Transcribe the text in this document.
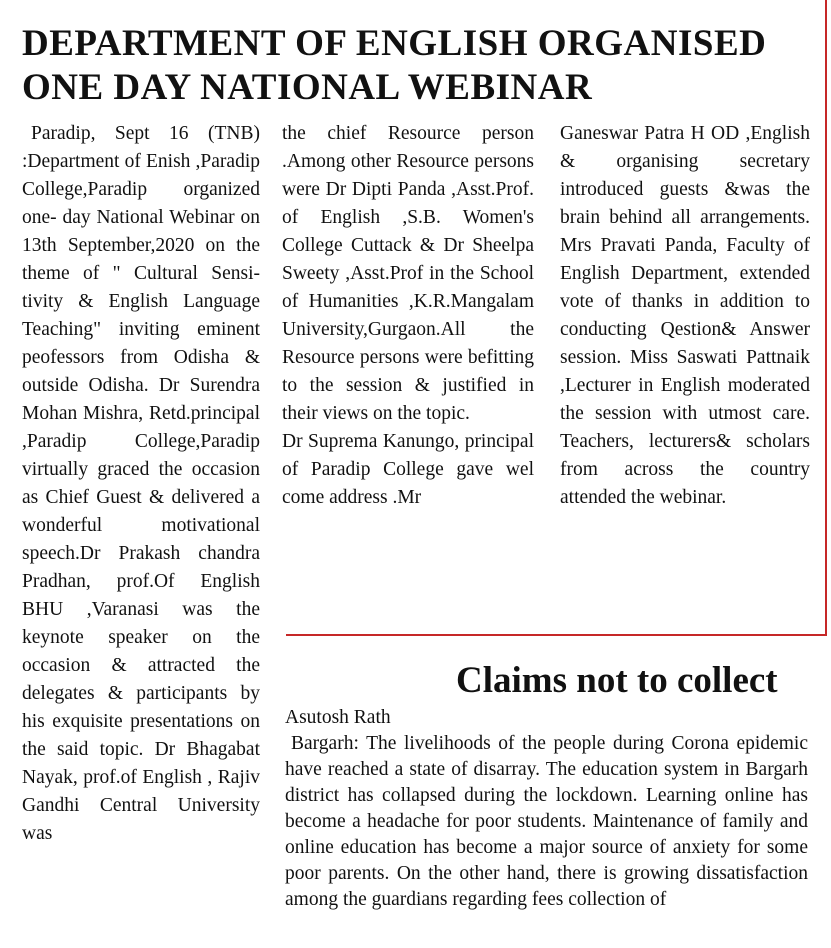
DEPARTMENT OF ENGLISH ORGANISED ONE DAY NATIONAL WEBINAR

Paradip, Sept 16 (TNB) :Department of Enish ,Paradip College,Paradip organized one- day National Webinar on 13th September,2020 on the theme of " Cultural Sensitivity & English Language Teaching" inviting eminent peofessors from Odisha & outside Odisha. Dr Surendra Mohan Mishra, Retd.principal ,Paradip College,Paradip virtually graced the occasion as Chief Guest & delivered a wonderful motivational speech.Dr Prakash chandra Pradhan, prof.Of English BHU ,Varanasi was the keynote speaker on the occasion & attracted the delegates & participants by his exquisite presentations on the said topic. Dr Bhagabat Nayak, prof.of English , Rajiv Gandhi Central University was

the chief Resource person .Among other Resource persons were Dr Dipti Panda ,Asst.Prof. of English ,S.B. Women's College Cuttack & Dr Sheelpa Sweety ,Asst.Prof in the School of Humanities ,K.R.Mangalam University,Gurgaon.All the Resource persons were befitting to the session & justified in their views on the topic.

Dr Suprema Kanungo, principal of Paradip College gave wel come address .Mr

Ganeswar Patra H OD ,English & organising secretary introduced guests &was the brain behind all arrangements. Mrs Pravati Panda, Faculty of English Department, extended vote of thanks in addition to conducting Qestion& Answer session. Miss Saswati Pattnaik ,Lecturer in English moderated the session with utmost care. Teachers, lecturers& scholars from across the country attended the webinar.

Claims not to collect

Asutosh Rath

Bargarh: The livelihoods of the people during Corona epidemic have reached a state of disarray. The education system in Bargarh district has collapsed during the lockdown. Learning online has become a headache for poor students. Maintenance of family and online education has become a major source of anxiety for some poor parents. On the other hand, there is growing dissatisfaction among the guardians regarding fees collection of
